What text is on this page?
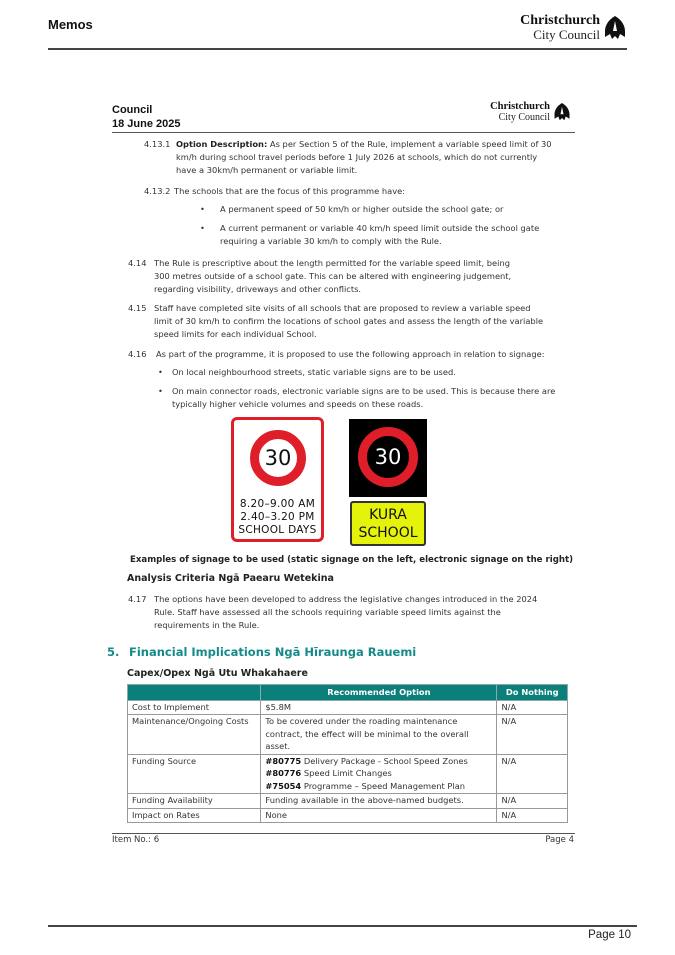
Memos	Christchurch
City Council
Council
18 June 2025
Christchurch
City Council
4.13.1 Option Description: As per Section 5 of the Rule, implement a variable speed limit of 30
km/h during school travel periods before 1 July 2026 at schools, which do not currently
have a 30km/h permanent or variable limit.
4.13.2 The schools that are the focus of this programme have:
• A permanent speed of 50 km/h or higher outside the school gate; or
• A current permanent or variable 40 km/h speed limit outside the school gate
requiring a variable 30 km/h to comply with the Rule.
4.14 The Rule is prescriptive about the length permitted for the variable speed limit, being
300 metres outside of a school gate. This can be altered with engineering judgement,
regarding visibility, driveways and other conflicts.
4.15 Staff have completed site visits of all schools that are proposed to review a variable speed
limit of 30 km/h to confirm the locations of school gates and assess the length of the variable
speed limits for each individual School.
4.16 As part of the programme, it is proposed to use the following approach in relation to signage:
• On local neighbourhood streets, static variable signs are to be used.
• On main connector roads, electronic variable signs are to be used. This is because there are
typically higher vehicle volumes and speeds on these roads.
4.17 The options have been developed to address the legislative changes introduced in the 2024
Rule. Staff have assessed all the schools requiring variable speed limits against the
requirements in the Rule.
30
8.20–9.00 AM
2.40–3.20 PM
SCHOOL DAYS
30
KURA
SCHOOL
Examples of signage to be used (static signage on the left, electronic signage on the right)
Analysis Criteria Ngā Paearu Wetekina
5. Financial Implications Ngā Hīraunga Rauemi
Capex/Opex Ngā Utu Whakahaere
	Recommended Option	Do Nothing
Cost to Implement	$5.8M	N/A
Maintenance/Ongoing Costs	To be covered under the roading maintenance contract, the effect will be minimal to the overall asset.	N/A
Funding Source	#80775 Delivery Package - School Speed Zones
#80776 Speed Limit Changes
#75054 Programme – Speed Management Plan	N/A
Funding Availability	Funding available in the above-named budgets.	N/A
Impact on Rates	None	N/A
Item No.: 6	Page 4
Page 10
